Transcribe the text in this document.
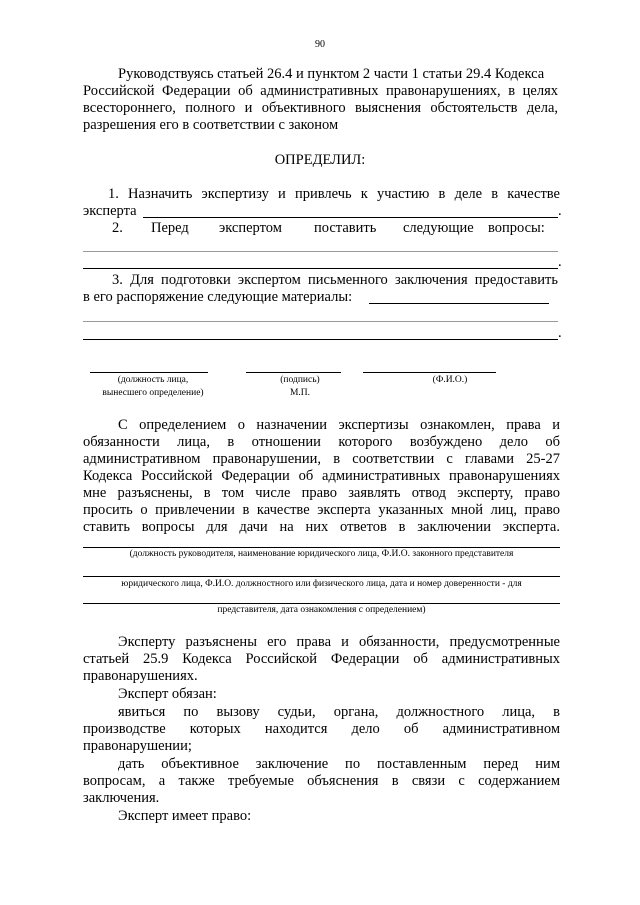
90
Руководствуясь статьей 26.4 и пунктом 2 части 1 статьи 29.4 Кодекса
Российской Федерации об административных правонарушениях, в целях
всестороннего, полного и объективного выяснения обстоятельств дела,
разрешения его в соответствии с законом
ОПРЕДЕЛИЛ:
1. Назначить экспертизу и привлечь к участию в деле в качестве
эксперта	.
2. Перед экспертом поставить следующие вопросы:
.
3. Для подготовки экспертом письменного заключения предоставить
в его распоряжение следующие материалы:
.
(должность лица,
вынесшего определение)
(подпись)
М.П.
(Ф.И.О.)
С определением о назначении экспертизы ознакомлен, права и
обязанности лица, в отношении которого возбуждено дело об
административном правонарушении, в соответствии с главами 25-27
Кодекса Российской Федерации об административных правонарушениях
мне разъяснены, в том числе право заявлять отвод эксперту, право
просить о привлечении в качестве эксперта указанных мной лиц, право
ставить вопросы для дачи на них ответов в заключении эксперта.
(должность руководителя, наименование юридического лица, Ф.И.О. законного представителя
юридического лица, Ф.И.О. должностного или физического лица, дата и номер доверенности - для
представителя, дата ознакомления с определением)
Эксперту разъяснены его права и обязанности, предусмотренные
статьей 25.9 Кодекса Российской Федерации об административных
правонарушениях.
Эксперт обязан:
явиться по вызову судьи, органа, должностного лица, в
производстве которых находится дело об административном
правонарушении;
дать объективное заключение по поставленным перед ним
вопросам, а также требуемые объяснения в связи с содержанием
заключения.
Эксперт имеет право:
